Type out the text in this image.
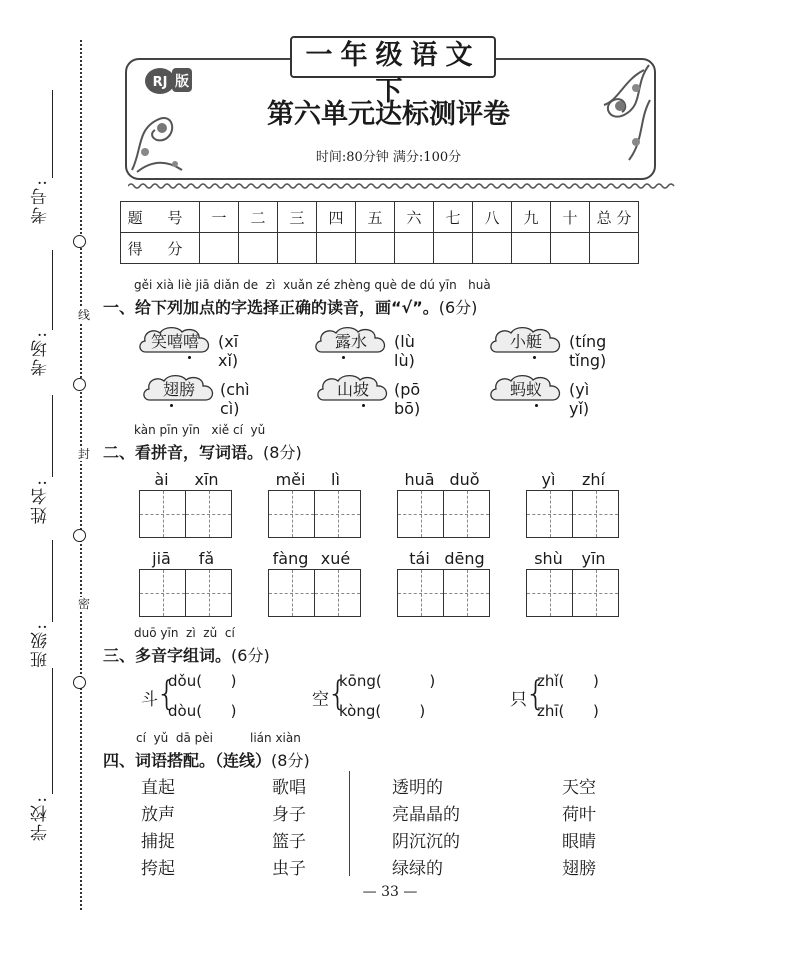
考号:
考场:
姓名:
班级:
学校:
线
封
密
一年级语文下
RJ 版
第六单元达标测评卷
时间:80分钟 满分:100分
题 号	一	二	三	四	五	六	七	八	九	十	总 分
得 分											
gěi xià liè jiā diǎn de  zì  xuǎn zé zhèng què de dú yīn   huà
一、给下列加点的字选择正确的读音，画“√”。(6分)
笑嘻嘻	(xī xǐ)
露水	(lù lù)
小艇	(tíng tǐng)
翅膀	(chì cì)
山坡	(pō bō)
蚂蚁	(yì yǐ)
kàn pīn yīn   xiě cí  yǔ
二、看拼音，写词语。(8分)
ài	xīn	měi	lì	huā duǒ	yì	zhí
jiā	fǎ	fàng xué	tái dēng	shù	yīn
duō yīn  zì  zǔ  cí
三、多音字组词。(6分)
斗
{
dǒu(      )
dòu(      )
空
{
kōng(          )
kòng(        )
只
{
zhǐ(      )
zhī(      )
cí  yǔ  dā pèi	lián xiàn
四、词语搭配。（连线）(8分)
直起
放声
捕捉
挎起
歌唱
身子
篮子
虫子
透明的
亮晶晶的
阴沉沉的
绿绿的
天空
荷叶
眼睛
翅膀
— 33 —
